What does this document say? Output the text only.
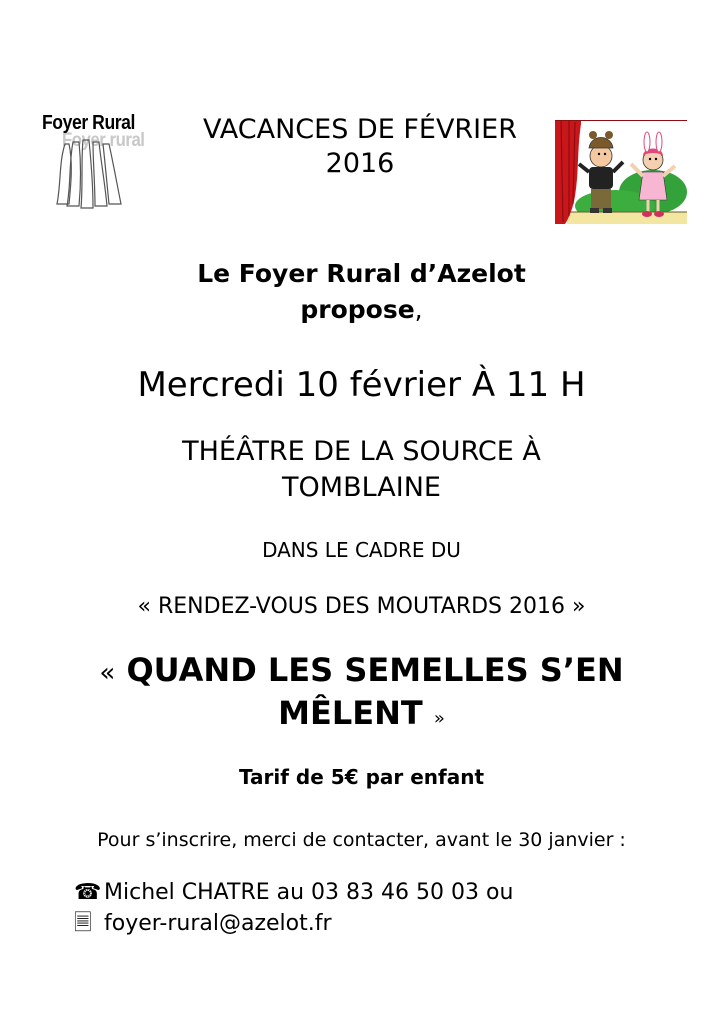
Foyer rural
Foyer Rural	VACANCES DE FÉVRIER
2016
Le Foyer Rural d’Azelot
propose,
Mercredi 10 février À 11 H
THÉÂTRE DE LA SOURCE À
TOMBLAINE
DANS LE CADRE DU
« RENDEZ-VOUS DES MOUTARDS 2016 »
« QUAND LES SEMELLES S’EN
MÊLENT »
Tarif de 5€ par enfant
Pour s’inscrire, merci de contacter, avant le 30 janvier :
☎ Michel CHATRE au 03 83 46 50 03 ou
🗏 foyer-rural@azelot.fr
